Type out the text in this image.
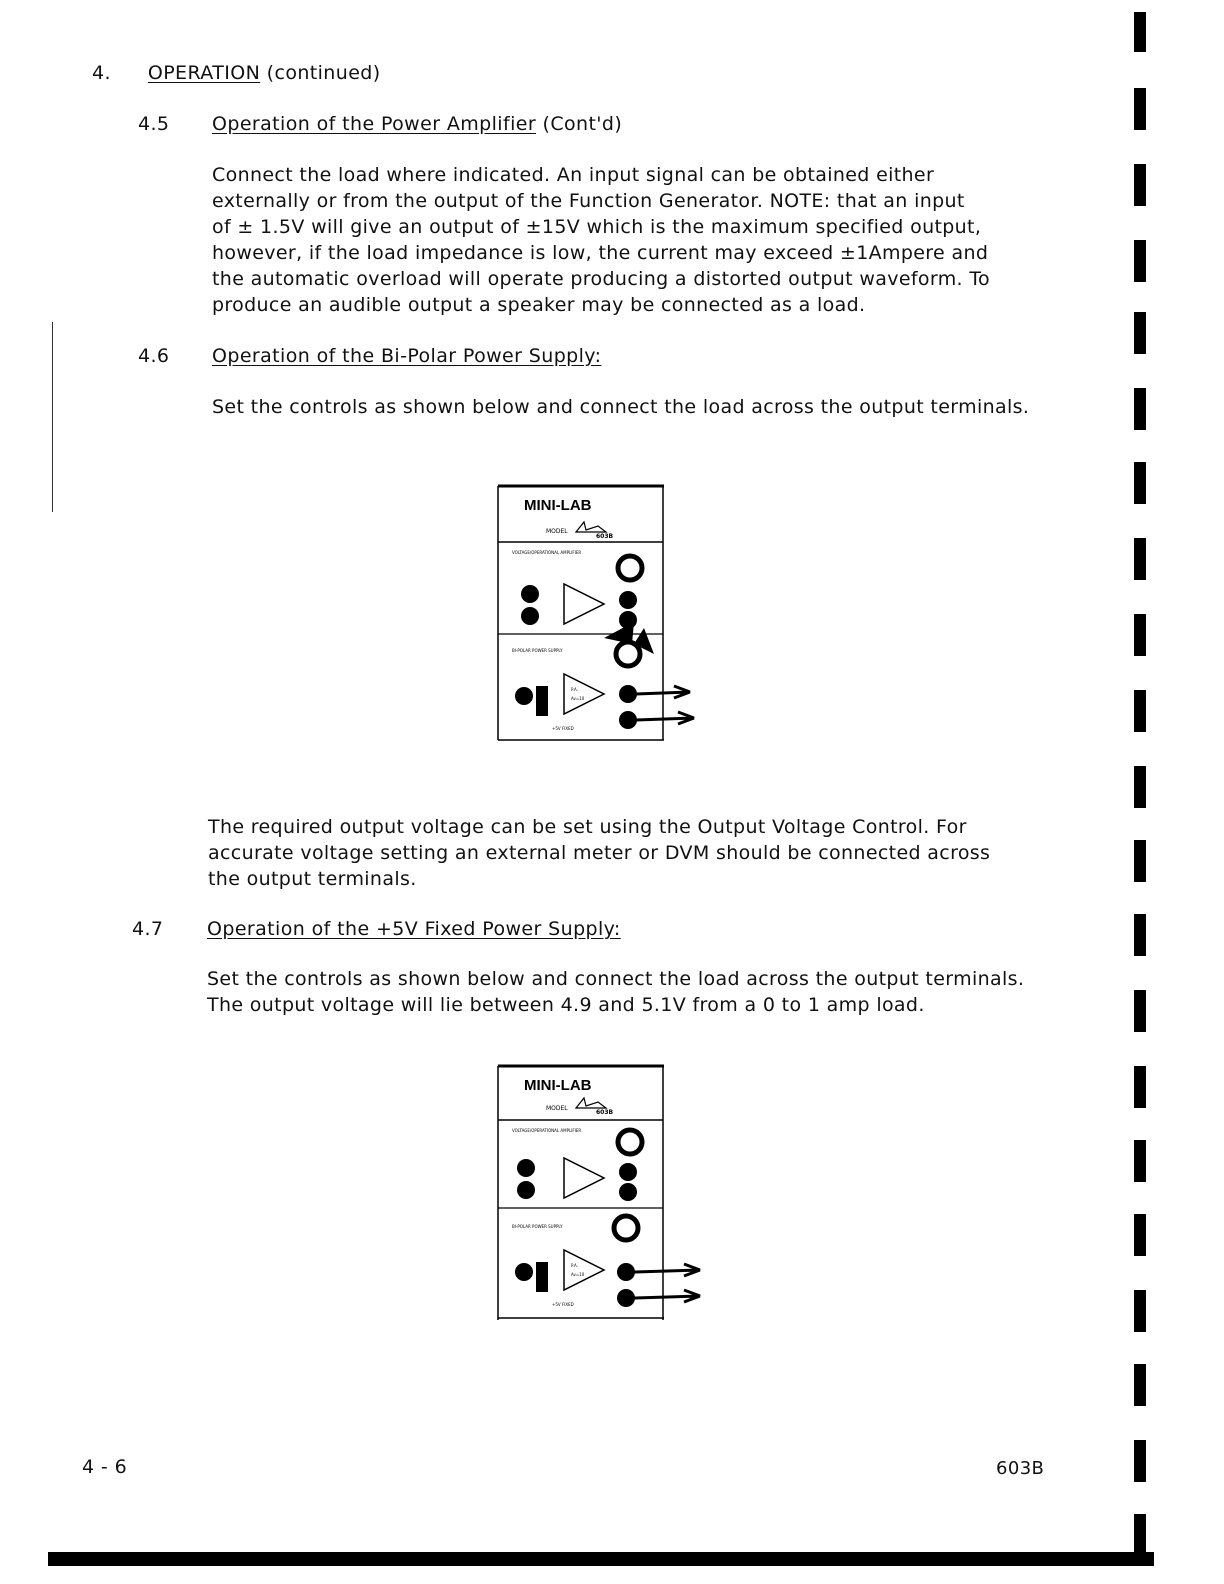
4. OPERATION (continued)
4.5 Operation of the Power Amplifier (Cont'd)
Connect the load where indicated. An input signal can be obtained either
externally or from the output of the Function Generator. NOTE: that an input
of ± 1.5V will give an output of ±15V which is the maximum specified output,
however, if the load impedance is low, the current may exceed ±1Ampere and
the automatic overload will operate producing a distorted output waveform. To
produce an audible output a speaker may be connected as a load.
4.6 Operation of the Bi-Polar Power Supply:
Set the controls as shown below and connect the load across the output terminals.
MINI-LAB
MODEL
603B
VOLTAGE/OPERATIONAL AMPLIFIER
BI-POLAR POWER SUPPLY
P.A.
Av=10
+5V FIXED
The required output voltage can be set using the Output Voltage Control. For
accurate voltage setting an external meter or DVM should be connected across
the output terminals.
4.7 Operation of the +5V Fixed Power Supply:
Set the controls as shown below and connect the load across the output terminals.
The output voltage will lie between 4.9 and 5.1V from a 0 to 1 amp load.
MINI-LAB
MODEL
603B
VOLTAGE/OPERATIONAL AMPLIFIER
BI-POLAR POWER SUPPLY
P.A.
Av=10
+5V FIXED
4 - 6	603B
